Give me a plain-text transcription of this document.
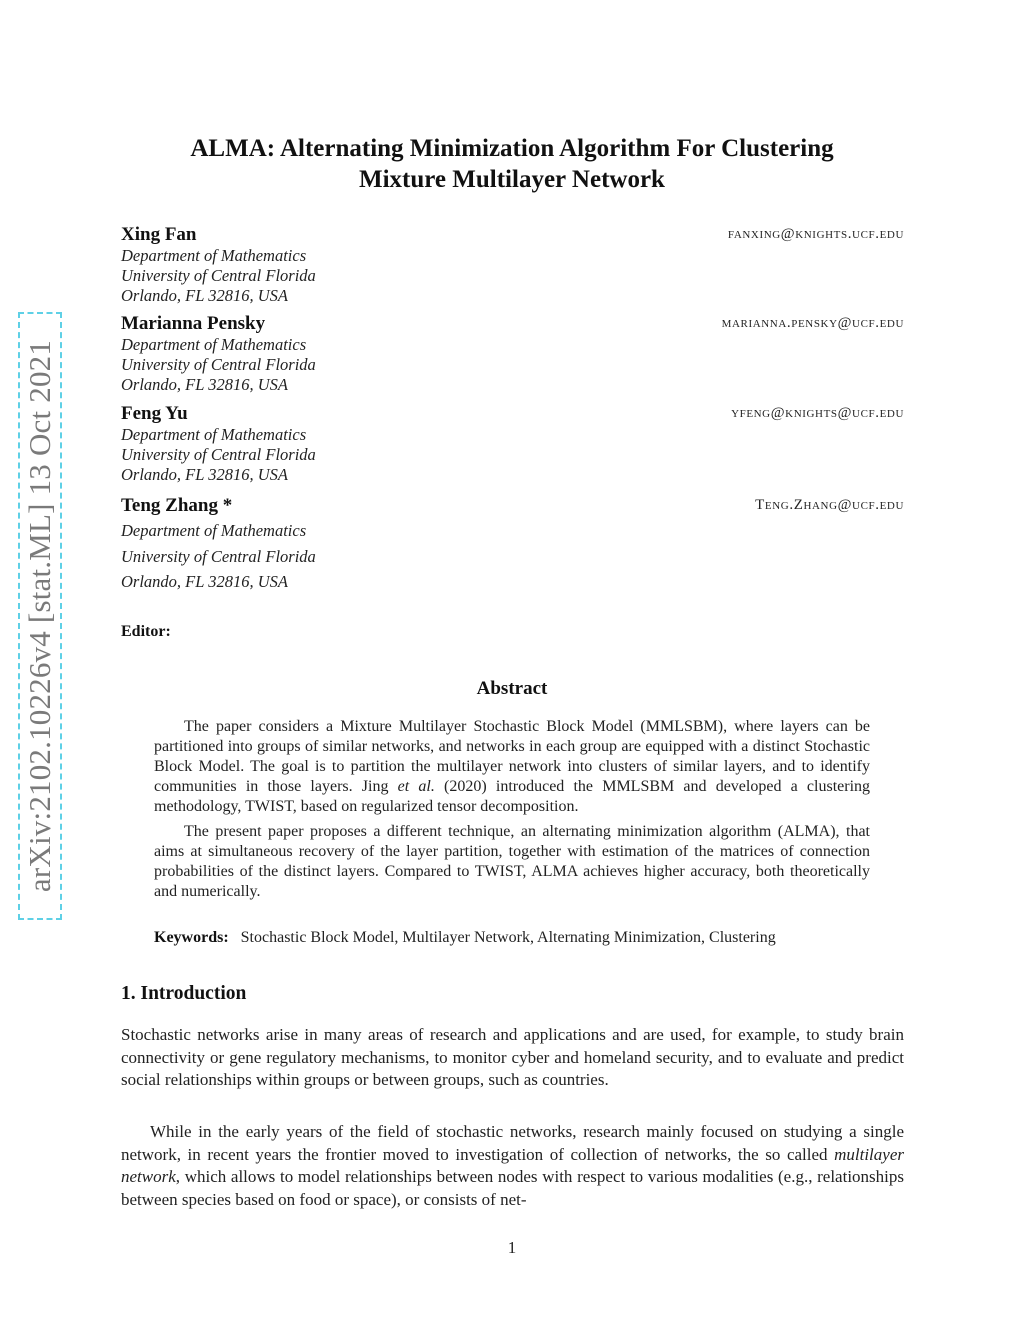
arXiv:2102.10226v4 [stat.ML] 13 Oct 2021
ALMA: Alternating Minimization Algorithm For Clustering
Mixture Multilayer Network
Xing Fan	fanxing@knights.ucf.edu
Department of Mathematics
University of Central Florida
Orlando, FL 32816, USA
Marianna Pensky	marianna.pensky@ucf.edu
Department of Mathematics
University of Central Florida
Orlando, FL 32816, USA
Feng Yu	yfeng@knights@ucf.edu
Department of Mathematics
University of Central Florida
Orlando, FL 32816, USA
Teng Zhang *	Teng.Zhang@ucf.edu
Department of Mathematics
University of Central Florida
Orlando, FL 32816, USA
Editor:
Abstract

The paper considers a Mixture Multilayer Stochastic Block Model (MMLSBM), where layers can be partitioned into groups of similar networks, and networks in each group are equipped with a distinct Stochastic Block Model. The goal is to partition the multilayer network into clusters of similar layers, and to identify communities in those layers. Jing et al. (2020) introduced the MMLSBM and developed a clustering methodology, TWIST, based on regularized tensor decomposition.

The present paper proposes a different technique, an alternating minimization algorithm (ALMA), that aims at simultaneous recovery of the layer partition, together with estimation of the matrices of connection probabilities of the distinct layers. Compared to TWIST, ALMA achieves higher accuracy, both theoretically and numerically.

Keywords: Stochastic Block Model, Multilayer Network, Alternating Minimization, Clustering
1. Introduction

Stochastic networks arise in many areas of research and applications and are used, for example, to study brain connectivity or gene regulatory mechanisms, to monitor cyber and homeland security, and to evaluate and predict social relationships within groups or between groups, such as countries.

While in the early years of the field of stochastic networks, research mainly focused on studying a single network, in recent years the frontier moved to investigation of collection of networks, the so called multilayer network, which allows to model relationships between nodes with respect to various modalities (e.g., relationships between species based on food or space), or consists of net-

1
